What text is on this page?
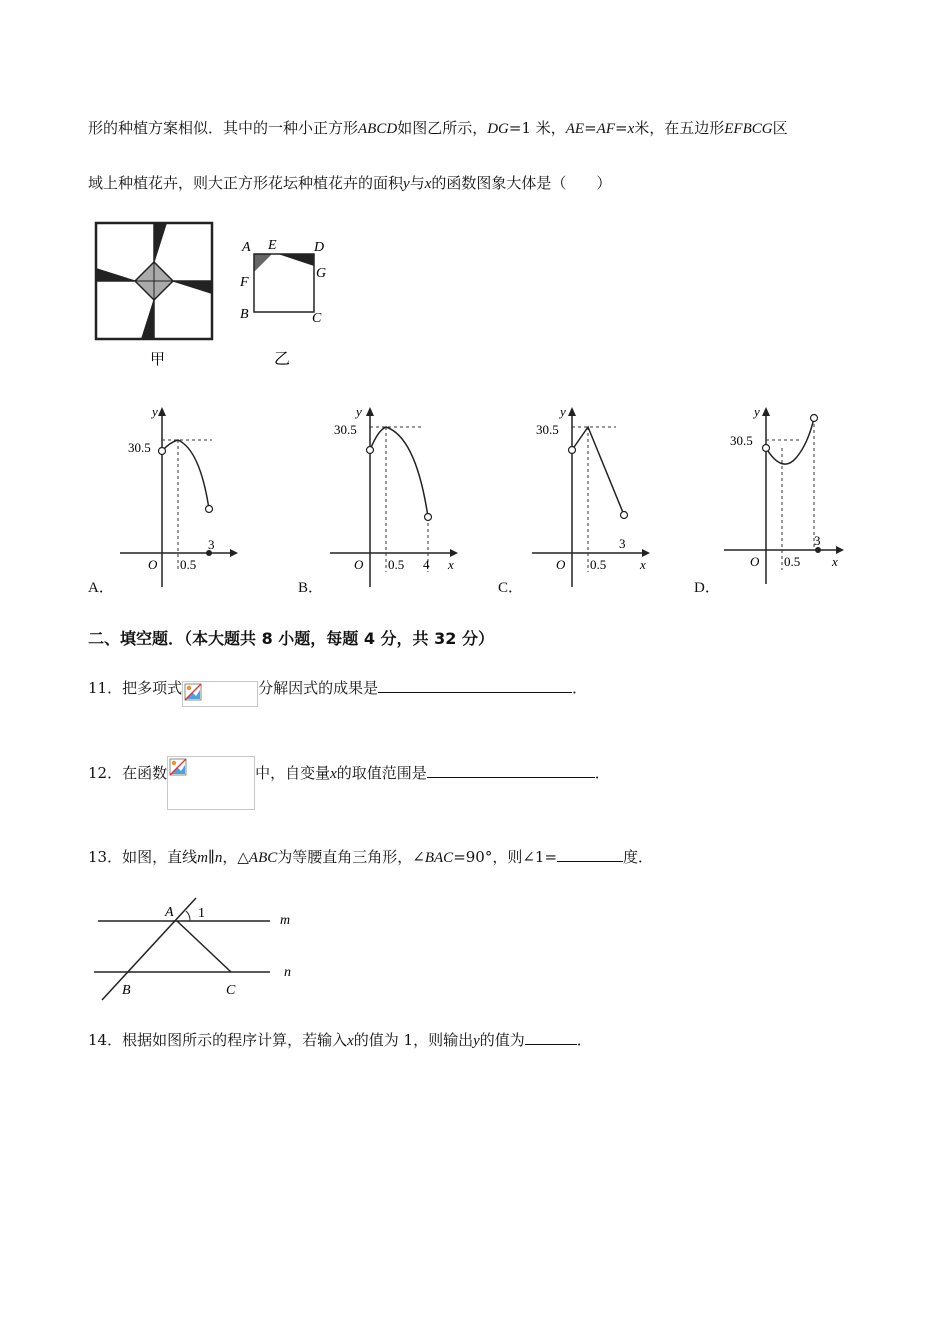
形的种植方案相似．其中的一种小正方形ABCD如图乙所示，DG=1 米，AE=AF=x米，在五边形EFBCG区
域上种植花卉，则大正方形花坛种植花卉的面积y与x的函数图象大体是（　　）
甲
A E	D
F
G
B	C
乙
A．
y
30.5
O 0.5
3
B．
y
30.5
O 0.5 4 x
C．
y
30.5
O 0.5
3
x
D．
y
30.5
O 0.5
3
x
二、填空题．（本大题共 8 小题，每题 4 分，共 32 分）
11．把多项式	分解因式的成果是	．
12．在函数	中，自变量x的取值范围是	．
13．如图，直线m∥n，△ABC为等腰直角三角形，∠BAC=90°，则∠1=	度．
A 1	m
n
B	C
14．根据如图所示的程序计算，若输入x的值为 1，则输出y的值为	．
